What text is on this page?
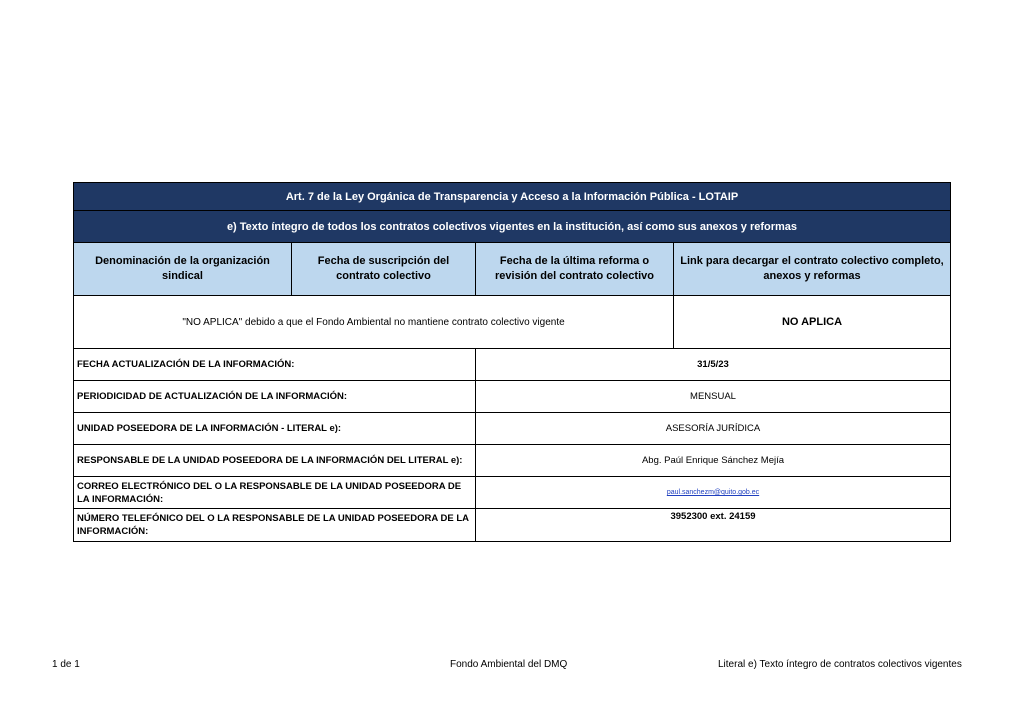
Art. 7 de la Ley Orgánica de Transparencia y Acceso a la Información Pública - LOTAIP			
e) Texto íntegro de todos los contratos colectivos vigentes en la institución, así como sus anexos y reformas			
Denominación de la organización sindical	Fecha de suscripción del contrato colectivo	Fecha de la última reforma o revisión del contrato colectivo	Link para decargar el contrato colectivo completo, anexos y reformas
"NO APLICA" debido a que el Fondo Ambiental no mantiene contrato colectivo vigente			NO APLICA
FECHA ACTUALIZACIÓN DE LA INFORMACIÓN:		31/5/23	
PERIODICIDAD DE ACTUALIZACIÓN DE LA INFORMACIÓN:		MENSUAL	
UNIDAD POSEEDORA DE LA INFORMACIÓN - LITERAL e):		ASESORÍA JURÍDICA	
RESPONSABLE DE LA UNIDAD POSEEDORA DE LA INFORMACIÓN DEL LITERAL e):		Abg. Paúl Enrique Sánchez Mejía	
CORREO ELECTRÓNICO DEL O LA RESPONSABLE DE LA UNIDAD POSEEDORA DE LA INFORMACIÓN:		paul.sanchezm@quito.gob.ec	
NÚMERO TELEFÓNICO DEL O LA RESPONSABLE DE LA UNIDAD POSEEDORA DE LA INFORMACIÓN:		3952300 ext. 24159	
1 de 1	Fondo Ambiental del DMQ	Literal e) Texto íntegro de contratos colectivos vigentes
